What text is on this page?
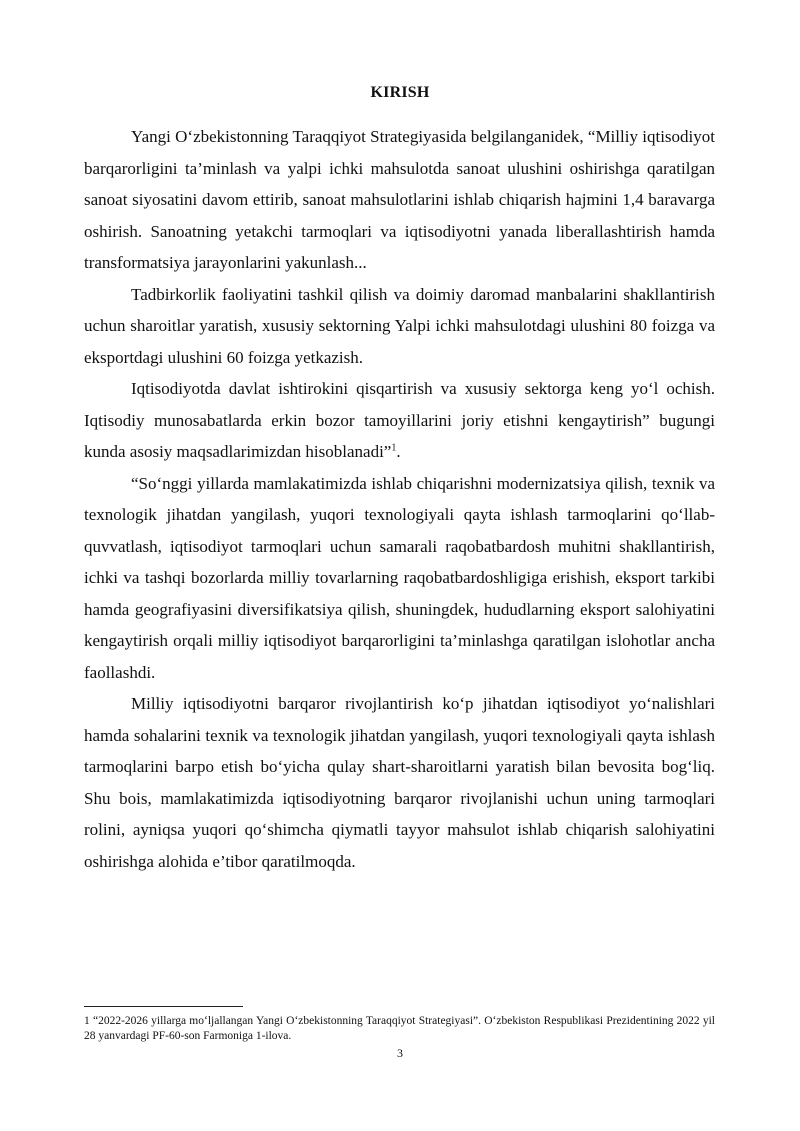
KIRISH

Yangi O‘zbekistonning Taraqqiyot Strategiyasida belgilanganidek, “Milliy iqtisodiyot barqarorligini ta’minlash va yalpi ichki mahsulotda sanoat ulushini oshirishga qaratilgan sanoat siyosatini davom ettirib, sanoat mahsulotlarini ishlab chiqarish hajmini 1,4 baravarga oshirish. Sanoatning yetakchi tarmoqlari va iqtisodiyotni yanada liberallashtirish hamda transformatsiya jarayonlarini yakunlash...

Tadbirkorlik faoliyatini tashkil qilish va doimiy daromad manbalarini shakllantirish uchun sharoitlar yaratish, xususiy sektorning Yalpi ichki mahsulotdagi ulushini 80 foizga va eksportdagi ulushini 60 foizga yetkazish.

Iqtisodiyotda davlat ishtirokini qisqartirish va xususiy sektorga keng yo‘l ochish. Iqtisodiy munosabatlarda erkin bozor tamoyillarini joriy etishni kengaytirish” bugungi kunda asosiy maqsadlarimizdan hisoblanadi”$^1$.

“So‘nggi yillarda mamlakatimizda ishlab chiqarishni modernizatsiya qilish, texnik va texnologik jihatdan yangilash, yuqori texnologiyali qayta ishlash tarmoqlarini qo‘llab-quvvatlash, iqtisodiyot tarmoqlari uchun samarali raqobatbardosh muhitni shakllantirish, ichki va tashqi bozorlarda milliy tovarlarning raqobatbardoshligiga erishish, eksport tarkibi hamda geografiyasini diversifikatsiya qilish, shuningdek, hududlarning eksport salohiyatini kengaytirish orqali milliy iqtisodiyot barqarorligini ta’minlashga qaratilgan islohotlar ancha faollashdi.

Milliy iqtisodiyotni barqaror rivojlantirish ko‘p jihatdan iqtisodiyot yo‘nalishlari hamda sohalarini texnik va texnologik jihatdan yangilash, yuqori texnologiyali qayta ishlash tarmoqlarini barpo etish bo‘yicha qulay shart-sharoitlarni yaratish bilan bevosita bog‘liq. Shu bois, mamlakatimizda iqtisodiyotning barqaror rivojlanishi uchun uning tarmoqlari rolini, ayniqsa yuqori qo‘shimcha qiymatli tayyor mahsulot ishlab chiqarish salohiyatini oshirishga alohida e’tibor qaratilmoqda.

1 “2022-2026 yillarga mo‘ljallangan Yangi O‘zbekistonning Taraqqiyot Strategiyasi”. O‘zbekiston Respublikasi Prezidentining 2022 yil 28 yanvardagi PF-60-son Farmoniga 1-ilova.
3
